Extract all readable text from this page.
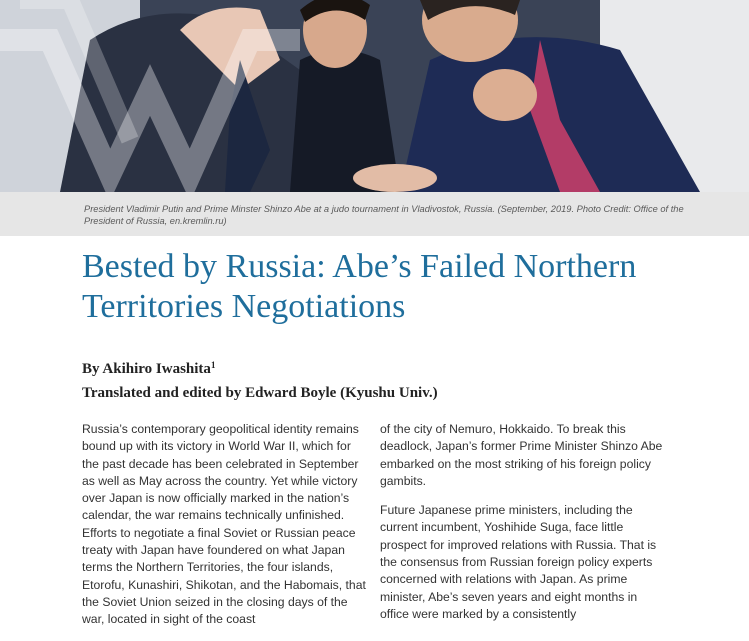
President Vladimir Putin and Prime Minster Shinzo Abe at a judo tournament in Vladivostok, Russia. (September, 2019. Photo Credit: Office of the President of Russia, en.kremlin.ru)
Bested by Russia: Abe’s Failed Northern Territories Negotiations
By Akihiro Iwashita$^1$
Translated and edited by Edward Boyle (Kyushu Univ.)

Russia’s contemporary geopolitical identity remains bound up with its victory in World War II, which for the past decade has been celebrated in September as well as May across the country. Yet while victory over Japan is now officially marked in the nation’s calendar, the war remains technically unfinished. Efforts to negotiate a final Soviet or Russian peace treaty with Japan have foundered on what Japan terms the Northern Territories, the four islands, Etorofu, Kunashiri, Shikotan, and the Habomais, that the Soviet Union seized in the closing days of the war, located in sight of the coast

of the city of Nemuro, Hokkaido. To break this deadlock, Japan’s former Prime Minister Shinzo Abe embarked on the most striking of his foreign policy gambits.

Future Japanese prime ministers, including the current incumbent, Yoshihide Suga, face little prospect for improved relations with Russia. That is the consensus from Russian foreign policy experts concerned with relations with Japan. As prime minister, Abe’s seven years and eight months in office were marked by a consistently
